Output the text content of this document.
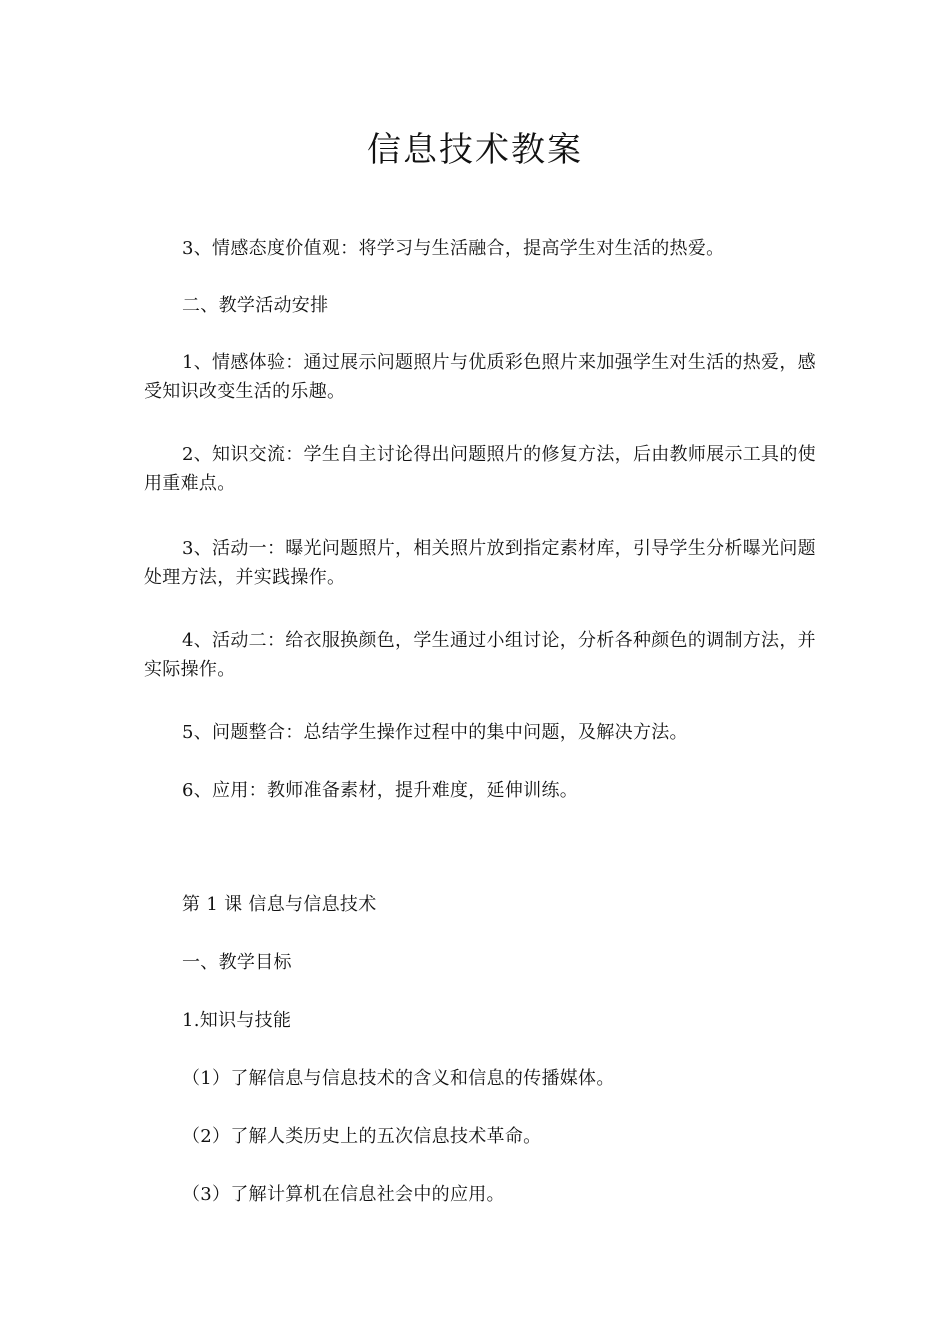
信息技术教案

3、情感态度价值观：将学习与生活融合，提高学生对生活的热爱。

二、教学活动安排

1、情感体验：通过展示问题照片与优质彩色照片来加强学生对生活的热爱，感受知识改变生活的乐趣。

2、知识交流：学生自主讨论得出问题照片的修复方法，后由教师展示工具的使用重难点。

3、活动一：曝光问题照片，相关照片放到指定素材库，引导学生分析曝光问题处理方法，并实践操作。

4、活动二：给衣服换颜色，学生通过小组讨论，分析各种颜色的调制方法，并实际操作。

5、问题整合：总结学生操作过程中的集中问题，及解决方法。

6、应用：教师准备素材，提升难度，延伸训练。

第 1 课 信息与信息技术

一、教学目标

1.知识与技能

（1）了解信息与信息技术的含义和信息的传播媒体。

（2）了解人类历史上的五次信息技术革命。

（3）了解计算机在信息社会中的应用。
